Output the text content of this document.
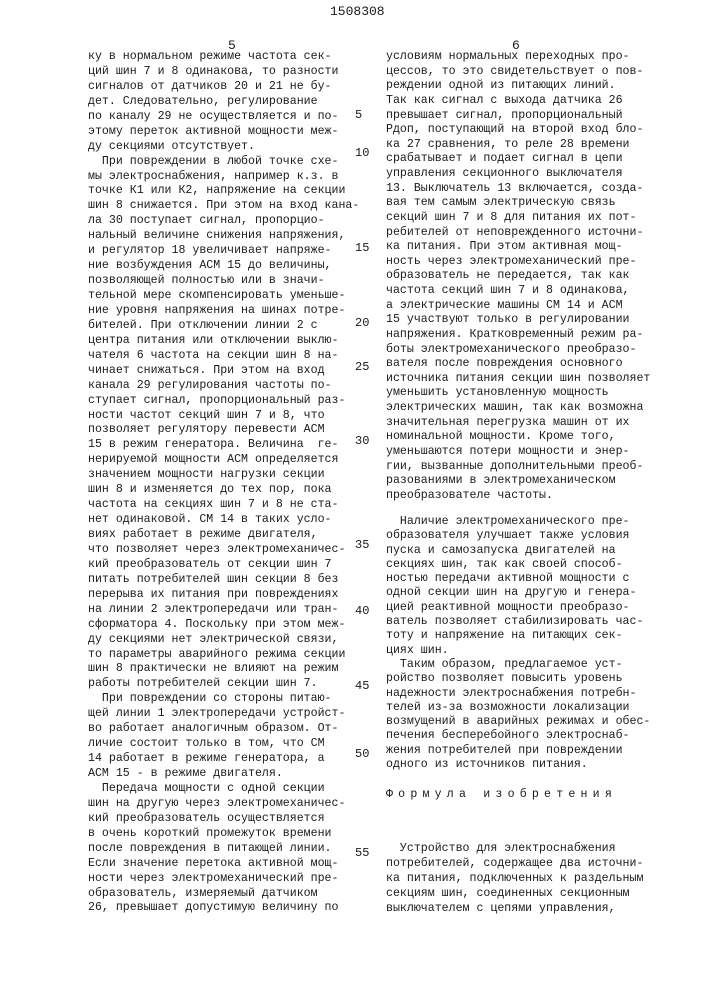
1508308
5	6
ку в нормальном режиме частота сек-
ций шин 7 и 8 одинакова, то разности
сигналов от датчиков 20 и 21 не бу-
дет. Следовательно, регулирование
по каналу 29 не осуществляется и по-
этому переток активной мощности меж-
ду секциями отсутствует.
При повреждении в любой точке схе-
мы электроснабжения, например к.з. в
точке К1 или К2, напряжение на секции
шин 8 снижается. При этом на вход кана-
ла 30 поступает сигнал, пропорцио-
нальный величине снижения напряжения,
и регулятор 18 увеличивает напряже-
ние возбуждения АСМ 15 до величины,
позволяющей полностью или в значи-
тельной мере скомпенсировать уменьше-
ние уровня напряжения на шинах потре-
бителей. При отключении линии 2 с
центра питания или отключении выклю-
чателя 6 частота на секции шин 8 на-
чинает снижаться. При этом на вход
канала 29 регулирования частоты по-
ступает сигнал, пропорциональный раз-
ности частот секций шин 7 и 8, что
позволяет регулятору перевести АСМ
15 в режим генератора. Величина  ге-
нерируемой мощности АСМ определяется
значением мощности нагрузки секции
шин 8 и изменяется до тех пор, пока
частота на секциях шин 7 и 8 не ста-
нет одинаковой. СМ 14 в таких усло-
виях работает в режиме двигателя,
что позволяет через электромеханичес-
кий преобразователь от секции шин 7
питать потребителей шин секции 8 без
перерыва их питания при повреждениях
на линии 2 электропередачи или тран-
сформатора 4. Поскольку при этом меж-
ду секциями нет электрической связи,
то параметры аварийного режима секции
шин 8 практически не влияют на режим
работы потребителей секции шин 7.
При повреждении со стороны питаю-
щей линии 1 электропередачи устройст-
во работает аналогичным образом. От-
личие состоит только в том, что СМ
14 работает в режиме генератора, а
АСМ 15 - в режиме двигателя.
Передача мощности с одной секции
шин на другую через электромеханичес-
кий преобразователь осуществляется
в очень короткий промежуток времени
после повреждения в питающей линии.
Если значение перетока активной мощ-
ности через электромеханический пре-
образователь, измеряемый датчиком
26, превышает допустимую величину по
условиям нормальных переходных про-
цессов, то это свидетельствует о пов-
реждении одной из питающих линий.
Так как сигнал с выхода датчика 26
превышает сигнал, пропорциональный
Pдоп, поступающий на второй вход бло-
ка 27 сравнения, то реле 28 времени
срабатывает и подает сигнал в цепи
управления секционного выключателя
13. Выключатель 13 включается, созда-
вая тем самым электрическую связь
секций шин 7 и 8 для питания их пот-
ребителей от неповрежденного источни-
ка питания. При этом активная мощ-
ность через электромеханический пре-
образователь не передается, так как
частота секций шин 7 и 8 одинакова,
а электрические машины СМ 14 и АСМ
15 участвуют только в регулировании
напряжения. Кратковременный режим ра-
боты электромеханического преобразо-
вателя после повреждения основного
источника питания секции шин позволяет
уменьшить установленную мощность
электрических машин, так как возможна
значительная перегрузка машин от их
номинальной мощности. Кроме того,
уменьшаются потери мощности и энер-
гии, вызванные дополнительными преоб-
разованиями в электромеханическом
преобразователе частоты.
Наличие электромеханического пре-
образователя улучшает также условия
пуска и самозапуска двигателей на
секциях шин, так как своей способ-
ностью передачи активной мощности с
одной секции шин на другую и генера-
цией реактивной мощности преобразо-
ватель позволяет стабилизировать час-
тоту и напряжение на питающих сек-
циях шин.
Таким образом, предлагаемое уст-
ройство позволяет повысить уровень
надежности электроснабжения потребн-
телей из-за возможности локализации
возмущений в аварийных режимах и обес-
печения бесперебойного электроснаб-
жения потребителей при повреждении
одного из источников питания.
Формула изобретения
Устройство для электроснабжения
потребителей, содержащее два источни-
ка питания, подключенных к раздельным
секциям шин, соединенных секционным
выключателем с цепями управления,
5
10
15
20
25
30
35
40
45
50
55
